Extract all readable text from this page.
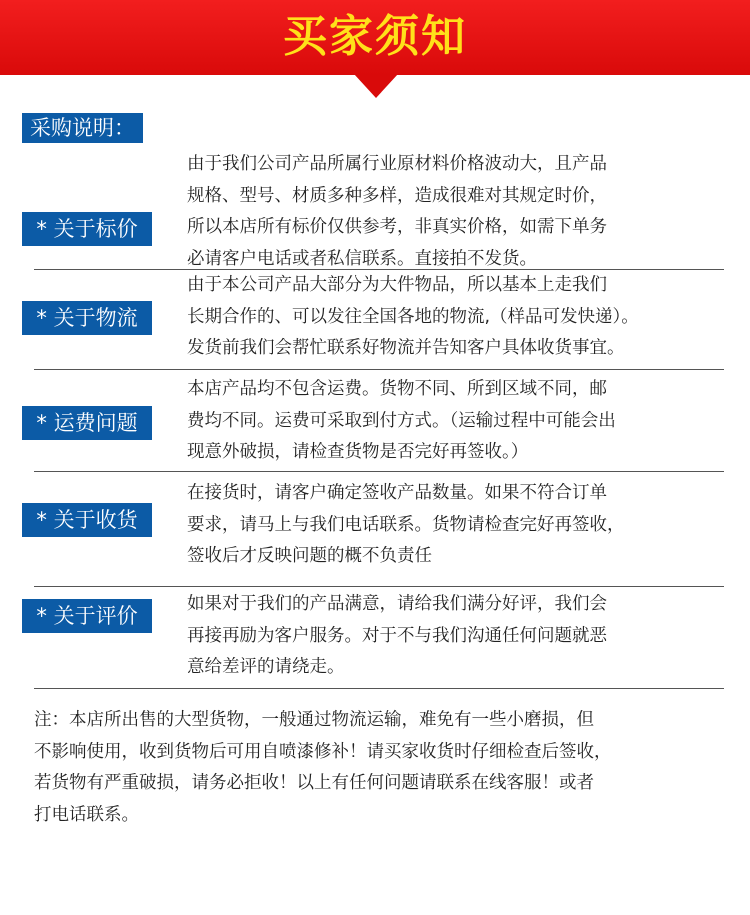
买家须知
采购说明：
* 关于标价
由于我们公司产品所属行业原材料价格波动大，且产品
规格、型号、材质多种多样，造成很难对其规定时价，
所以本店所有标价仅供参考，非真实价格，如需下单务
必请客户电话或者私信联系。直接拍不发货。
* 关于物流
由于本公司产品大部分为大件物品，所以基本上走我们
长期合作的、可以发往全国各地的物流,（样品可发快递）。
发货前我们会帮忙联系好物流并告知客户具体收货事宜。
* 运费问题
本店产品均不包含运费。货物不同、所到区域不同，邮
费均不同。运费可采取到付方式。（运输过程中可能会出
现意外破损，请检查货物是否完好再签收。）
* 关于收货
在接货时，请客户确定签收产品数量。如果不符合订单
要求，请马上与我们电话联系。货物请检查完好再签收，
签收后才反映问题的概不负责任
* 关于评价	如果对于我们的产品满意，请给我们满分好评，我们会
再接再励为客户服务。对于不与我们沟通任何问题就恶
意给差评的请绕走。
注：本店所出售的大型货物，一般通过物流运输，难免有一些小磨损，但
不影响使用，收到货物后可用自喷漆修补！请买家收货时仔细检查后签收，
若货物有严重破损，请务必拒收！以上有任何问题请联系在线客服！或者
打电话联系。
